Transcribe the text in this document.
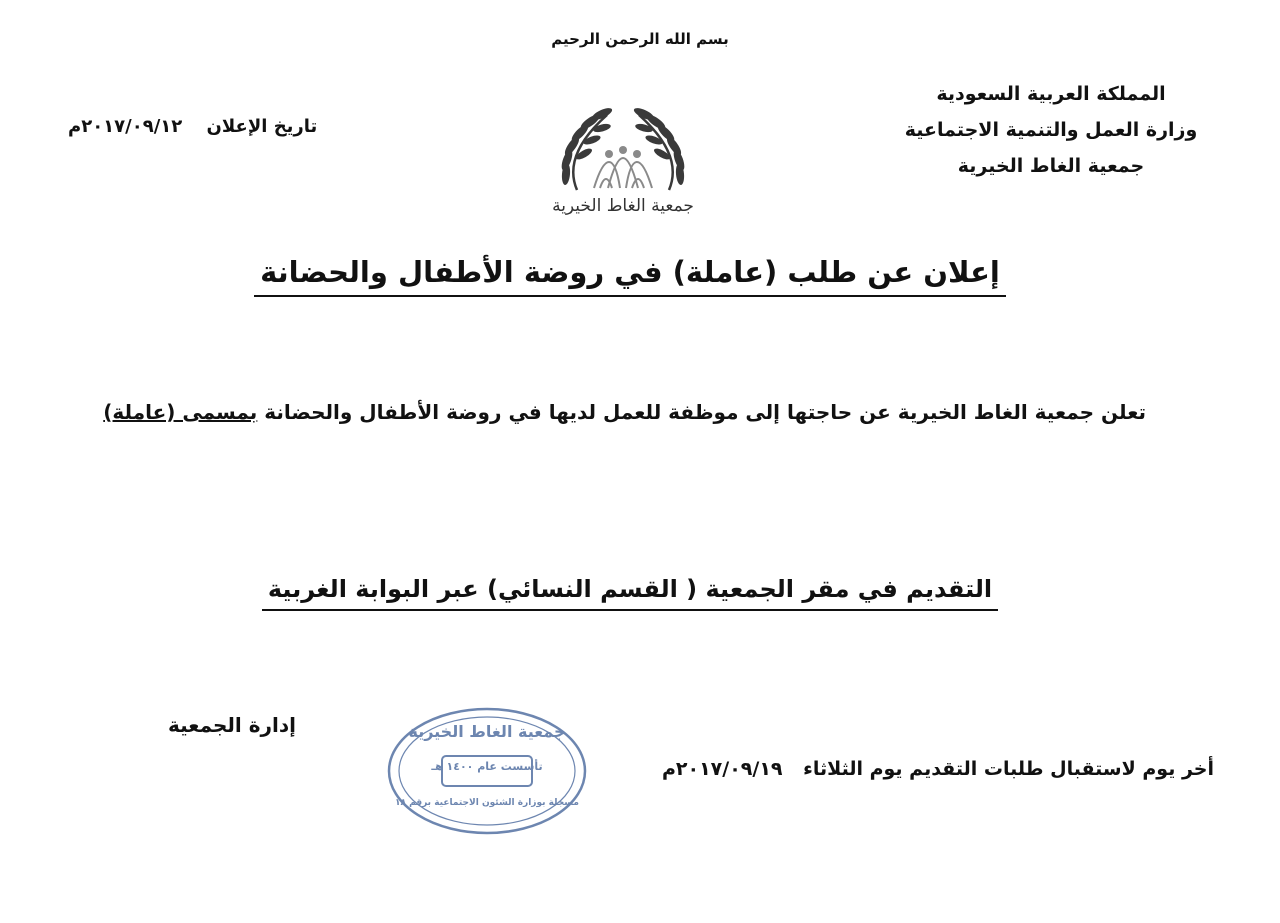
بسم الله الرحمن الرحيم
المملكة العربية السعودية
وزارة العمل والتنمية الاجتماعية
جمعية الغاط الخيرية
تاريخ الإعلان ٢٠١٧/٠٩/١٢م
جمعية الغاط الخيرية
إعلان عن طلب (عاملة) في روضة الأطفال والحضانة
تعلن جمعية الغاط الخيرية عن حاجتها إلى موظفة للعمل لديها في روضة الأطفال والحضانة بمسمى (عاملة)
التقديم في مقر الجمعية ( القسم النسائي) عبر البوابة الغربية
إدارة الجمعية
أخر يوم لاستقبال طلبات التقديم يوم الثلاثاء ٢٠١٧/٠٩/١٩م
جمعية الغاط الخيرية
تأسست عام ١٤٠٠ هـ
مسجلة بوزارة الشئون الاجتماعية برقم ١٨
